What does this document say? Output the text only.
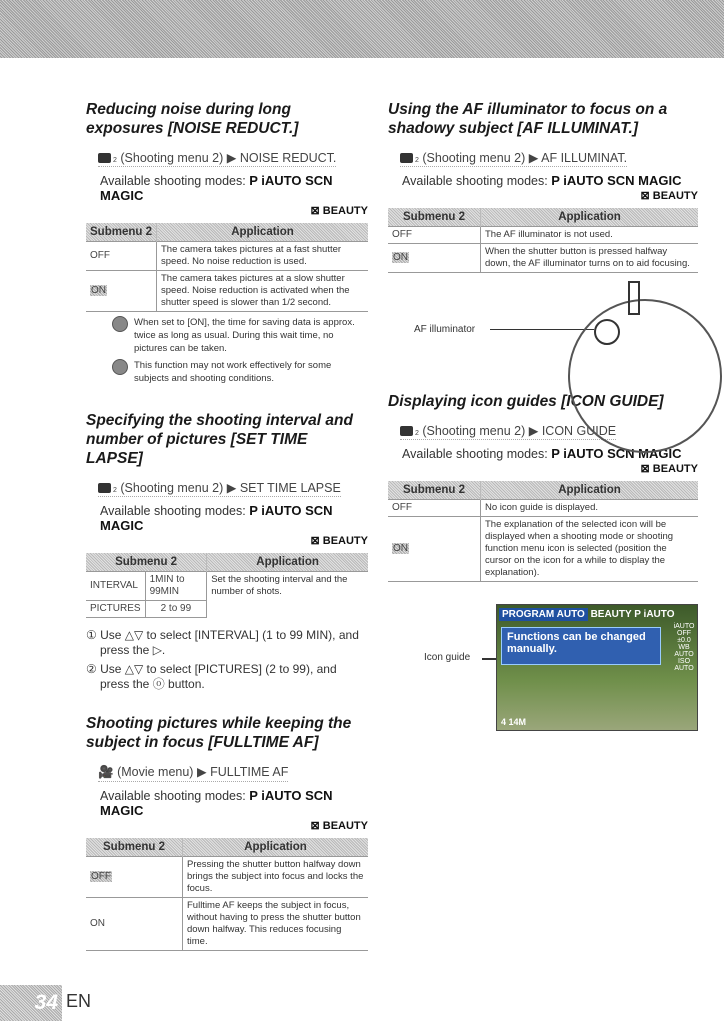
Reducing noise during long exposures [NOISE REDUCT.]
2 (Shooting menu 2) ▶ NOISE REDUCT.
Available shooting modes: P iAUTO SCN MAGIC
⊠ BEAUTY
Submenu 2	Application
OFF	The camera takes pictures at a fast shutter speed. No noise reduction is used.
ON	The camera takes pictures at a slow shutter speed. Noise reduction is activated when the shutter speed is slower than 1/2 second.
When set to [ON], the time for saving data is approx. twice as long as usual. During this wait time, no pictures can be taken.
This function may not work effectively for some subjects and shooting conditions.
Specifying the shooting interval and number of pictures [SET TIME LAPSE]
2 (Shooting menu 2) ▶ SET TIME LAPSE
Available shooting modes: P iAUTO SCN MAGIC
⊠ BEAUTY
Submenu 2		Application
INTERVAL	1MIN to 99MIN	Set the shooting interval and the number of shots.
PICTURES	2 to 99	
① Use △▽ to select [INTERVAL] (1 to 99 MIN), and press the ▷.
② Use △▽ to select [PICTURES] (2 to 99), and press the ⓞ button.
Shooting pictures while keeping the subject in focus [FULLTIME AF]
🎥 (Movie menu) ▶ FULLTIME AF
Available shooting modes: P iAUTO SCN MAGIC
⊠ BEAUTY
Submenu 2	Application
OFF	Pressing the shutter button halfway down brings the subject into focus and locks the focus.
ON	Fulltime AF keeps the subject in focus, without having to press the shutter button down halfway. This reduces focusing time.
Using the AF illuminator to focus on a shadowy subject [AF ILLUMINAT.]
2 (Shooting menu 2) ▶ AF ILLUMINAT.
Available shooting modes: P iAUTO SCN MAGIC
⊠ BEAUTY
Submenu 2	Application
OFF	The AF illuminator is not used.
ON	When the shutter button is pressed halfway down, the AF illuminator turns on to aid focusing.
AF illuminator
Displaying icon guides [ICON GUIDE]
2 (Shooting menu 2) ▶ ICON GUIDE
Available shooting modes: P iAUTO SCN MAGIC
⊠ BEAUTY
Submenu 2	Application
OFF	No icon guide is displayed.
ON	The explanation of the selected icon will be displayed when a shooting mode or shooting function menu icon is selected (position the cursor on the icon for a while to display the explanation).
Icon guide
PROGRAM AUTO BEAUTY P iAUTO
Functions can be changed manually.
iAUTO
OFF
±0.0
WB AUTO
ISO AUTO
4 14M
34 EN
